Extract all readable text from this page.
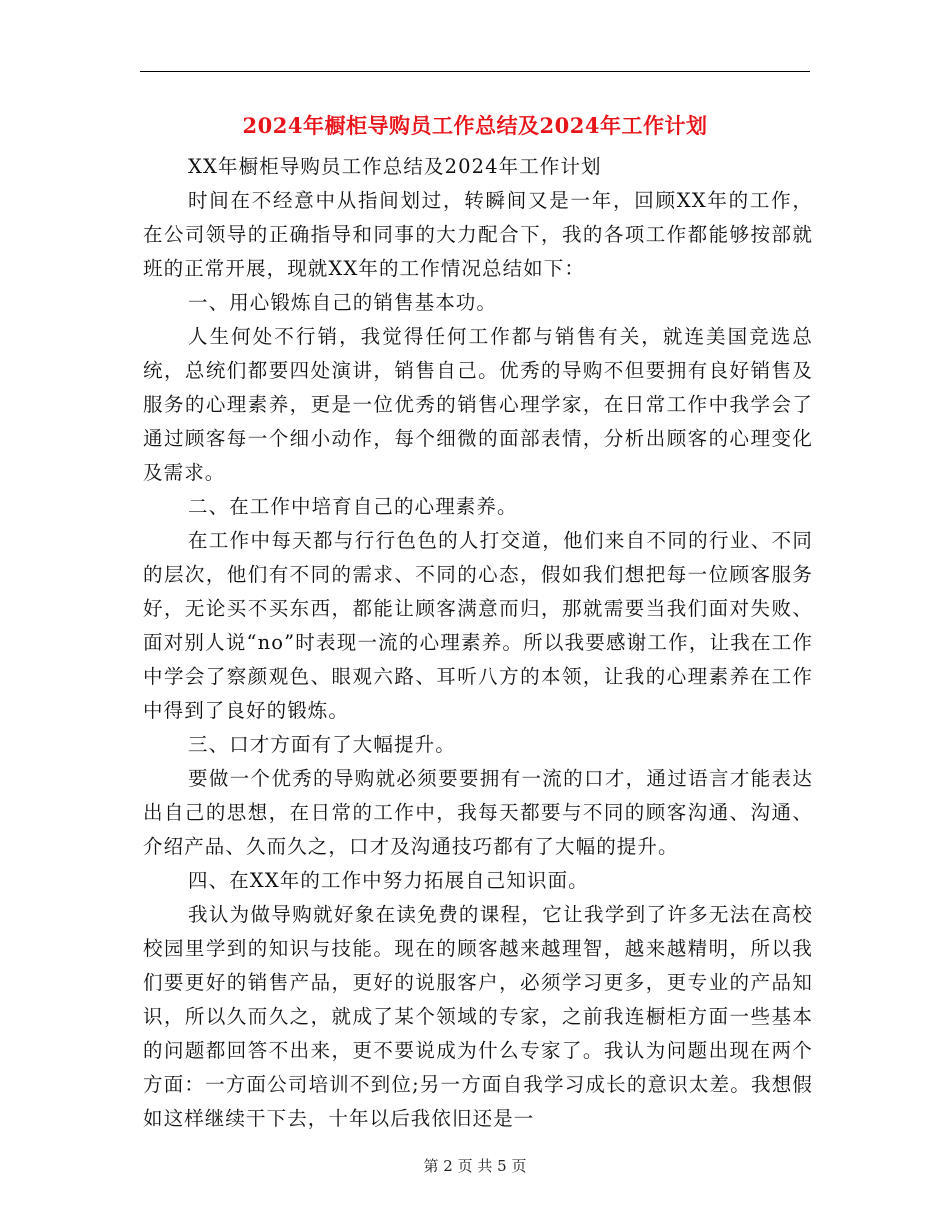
2024年橱柜导购员工作总结及2024年工作计划

XX年橱柜导购员工作总结及2024年工作计划

时间在不经意中从指间划过，转瞬间又是一年，回顾XX年的工作，在公司领导的正确指导和同事的大力配合下，我的各项工作都能够按部就班的正常开展，现就XX年的工作情况总结如下：

一、用心锻炼自己的销售基本功。

人生何处不行销，我觉得任何工作都与销售有关，就连美国竞选总统，总统们都要四处演讲，销售自己。优秀的导购不但要拥有良好销售及服务的心理素养，更是一位优秀的销售心理学家，在日常工作中我学会了通过顾客每一个细小动作，每个细微的面部表情，分析出顾客的心理变化及需求。

二、在工作中培育自己的心理素养。

在工作中每天都与行行色色的人打交道，他们来自不同的行业、不同的层次，他们有不同的需求、不同的心态，假如我们想把每一位顾客服务好，无论买不买东西，都能让顾客满意而归，那就需要当我们面对失败、面对别人说“no”时表现一流的心理素养。所以我要感谢工作，让我在工作中学会了察颜观色、眼观六路、耳听八方的本领，让我的心理素养在工作中得到了良好的锻炼。

三、口才方面有了大幅提升。

要做一个优秀的导购就必须要要拥有一流的口才，通过语言才能表达出自己的思想，在日常的工作中，我每天都要与不同的顾客沟通、沟通、介绍产品、久而久之，口才及沟通技巧都有了大幅的提升。

四、在XX年的工作中努力拓展自己知识面。

我认为做导购就好象在读免费的课程，它让我学到了许多无法在高校校园里学到的知识与技能。现在的顾客越来越理智，越来越精明，所以我们要更好的销售产品，更好的说服客户，必须学习更多，更专业的产品知识，所以久而久之，就成了某个领域的专家，之前我连橱柜方面一些基本的问题都回答不出来，更不要说成为什么专家了。我认为问题出现在两个方面：一方面公司培训不到位;另一方面自我学习成长的意识太差。我想假如这样继续干下去，十年以后我依旧还是一

第 2 页 共 5 页
